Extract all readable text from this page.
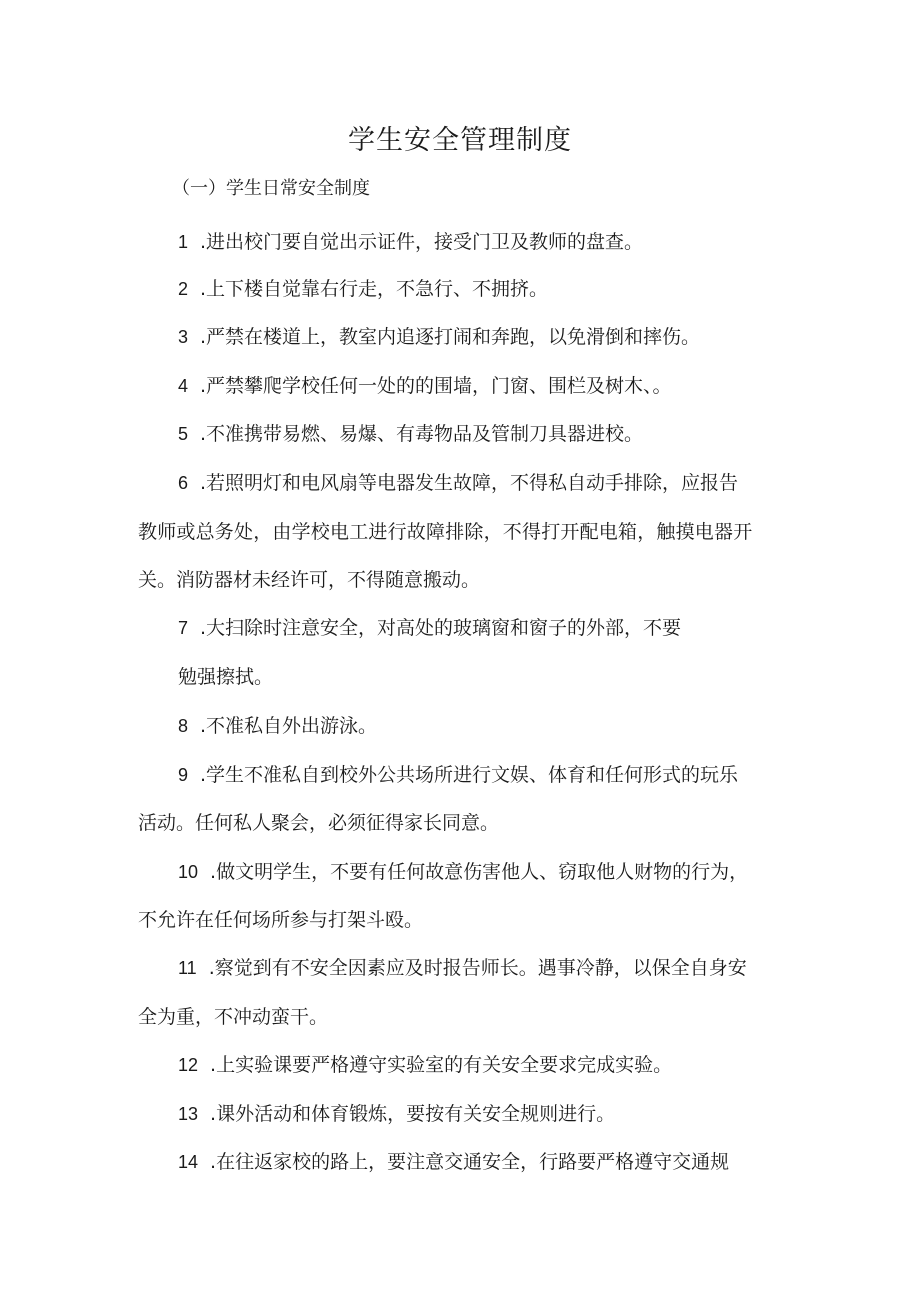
学生安全管理制度
（一）学生日常安全制度
1 .进出校门要自觉出示证件，接受门卫及教师的盘查。
2 .上下楼自觉靠右行走，不急行、不拥挤。
3 .严禁在楼道上，教室内追逐打闹和奔跑，以免滑倒和摔伤。
4 .严禁攀爬学校任何一处的的围墙，门窗、围栏及树木、。
5 .不准携带易燃、易爆、有毒物品及管制刀具器进校。
6 .若照明灯和电风扇等电器发生故障，不得私自动手排除，应报告
教师或总务处，由学校电工进行故障排除，不得打开配电箱，触摸电器开
关。消防器材未经许可，不得随意搬动。
7 .大扫除时注意安全，对高处的玻璃窗和窗子的外部，不要
勉强擦拭。
8 .不准私自外出游泳。
9 .学生不准私自到校外公共场所进行文娱、体育和任何形式的玩乐
活动。任何私人聚会，必须征得家长同意。
10 .做文明学生，不要有任何故意伤害他人、窃取他人财物的行为，
不允许在任何场所参与打架斗殴。
11 .察觉到有不安全因素应及时报告师长。遇事冷静，以保全自身安
全为重，不冲动蛮干。
12 .上实验课要严格遵守实验室的有关安全要求完成实验。
13 .课外活动和体育锻炼，要按有关安全规则进行。
14 .在往返家校的路上，要注意交通安全，行路要严格遵守交通规
